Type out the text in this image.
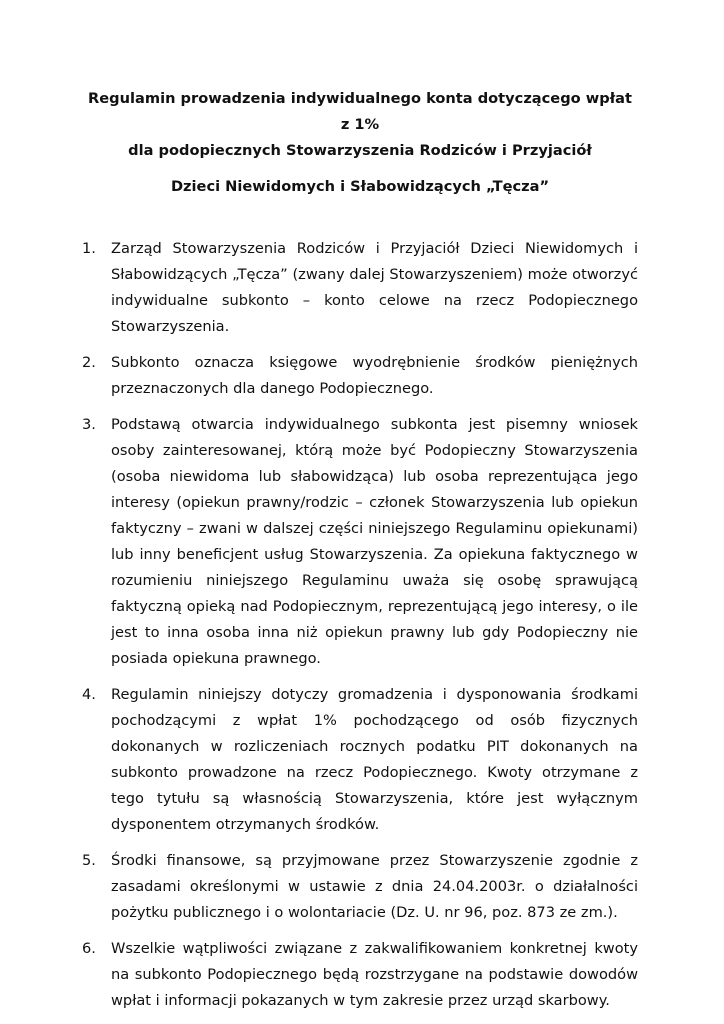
Regulamin prowadzenia indywidualnego konta dotyczącego wpłat z 1%
dla podopiecznych Stowarzyszenia Rodziców i Przyjaciół
Dzieci Niewidomych i Słabowidzących „Tęcza”
1.	Zarząd Stowarzyszenia Rodziców i Przyjaciół Dzieci Niewidomych i Słabowidzących „Tęcza” (zwany dalej Stowarzyszeniem) może otworzyć indywidualne subkonto – konto celowe na rzecz Podopiecznego Stowarzyszenia.
2.	Subkonto oznacza księgowe wyodrębnienie środków pieniężnych przeznaczonych dla danego Podopiecznego.
3.	Podstawą otwarcia indywidualnego subkonta jest pisemny wniosek osoby zainteresowanej, którą może być Podopieczny Stowarzyszenia (osoba niewidoma lub słabowidząca) lub osoba reprezentująca jego interesy (opiekun prawny/rodzic – członek Stowarzyszenia lub opiekun faktyczny – zwani w dalszej części niniejszego Regulaminu opiekunami) lub inny beneficjent usług Stowarzyszenia. Za opiekuna faktycznego w rozumieniu niniejszego Regulaminu uważa się osobę sprawującą faktyczną opieką nad Podopiecznym, reprezentującą jego interesy, o ile jest to inna osoba inna niż opiekun prawny lub gdy Podopieczny nie posiada opiekuna prawnego.
4.	Regulamin niniejszy dotyczy gromadzenia i dysponowania środkami pochodzącymi z wpłat 1% pochodzącego od osób fizycznych dokonanych w rozliczeniach rocznych podatku PIT dokonanych na subkonto prowadzone na rzecz Podopiecznego. Kwoty otrzymane z tego tytułu są własnością Stowarzyszenia, które jest wyłącznym dysponentem otrzymanych środków.
5.	Środki finansowe, są przyjmowane przez Stowarzyszenie zgodnie z zasadami określonymi w ustawie z dnia 24.04.2003r. o działalności pożytku publicznego i o wolontariacie (Dz. U. nr 96, poz. 873 ze zm.).
6.	Wszelkie wątpliwości związane z zakwalifikowaniem konkretnej kwoty na subkonto Podopiecznego będą rozstrzygane na podstawie dowodów wpłat i informacji pokazanych w tym zakresie przez urząd skarbowy.
